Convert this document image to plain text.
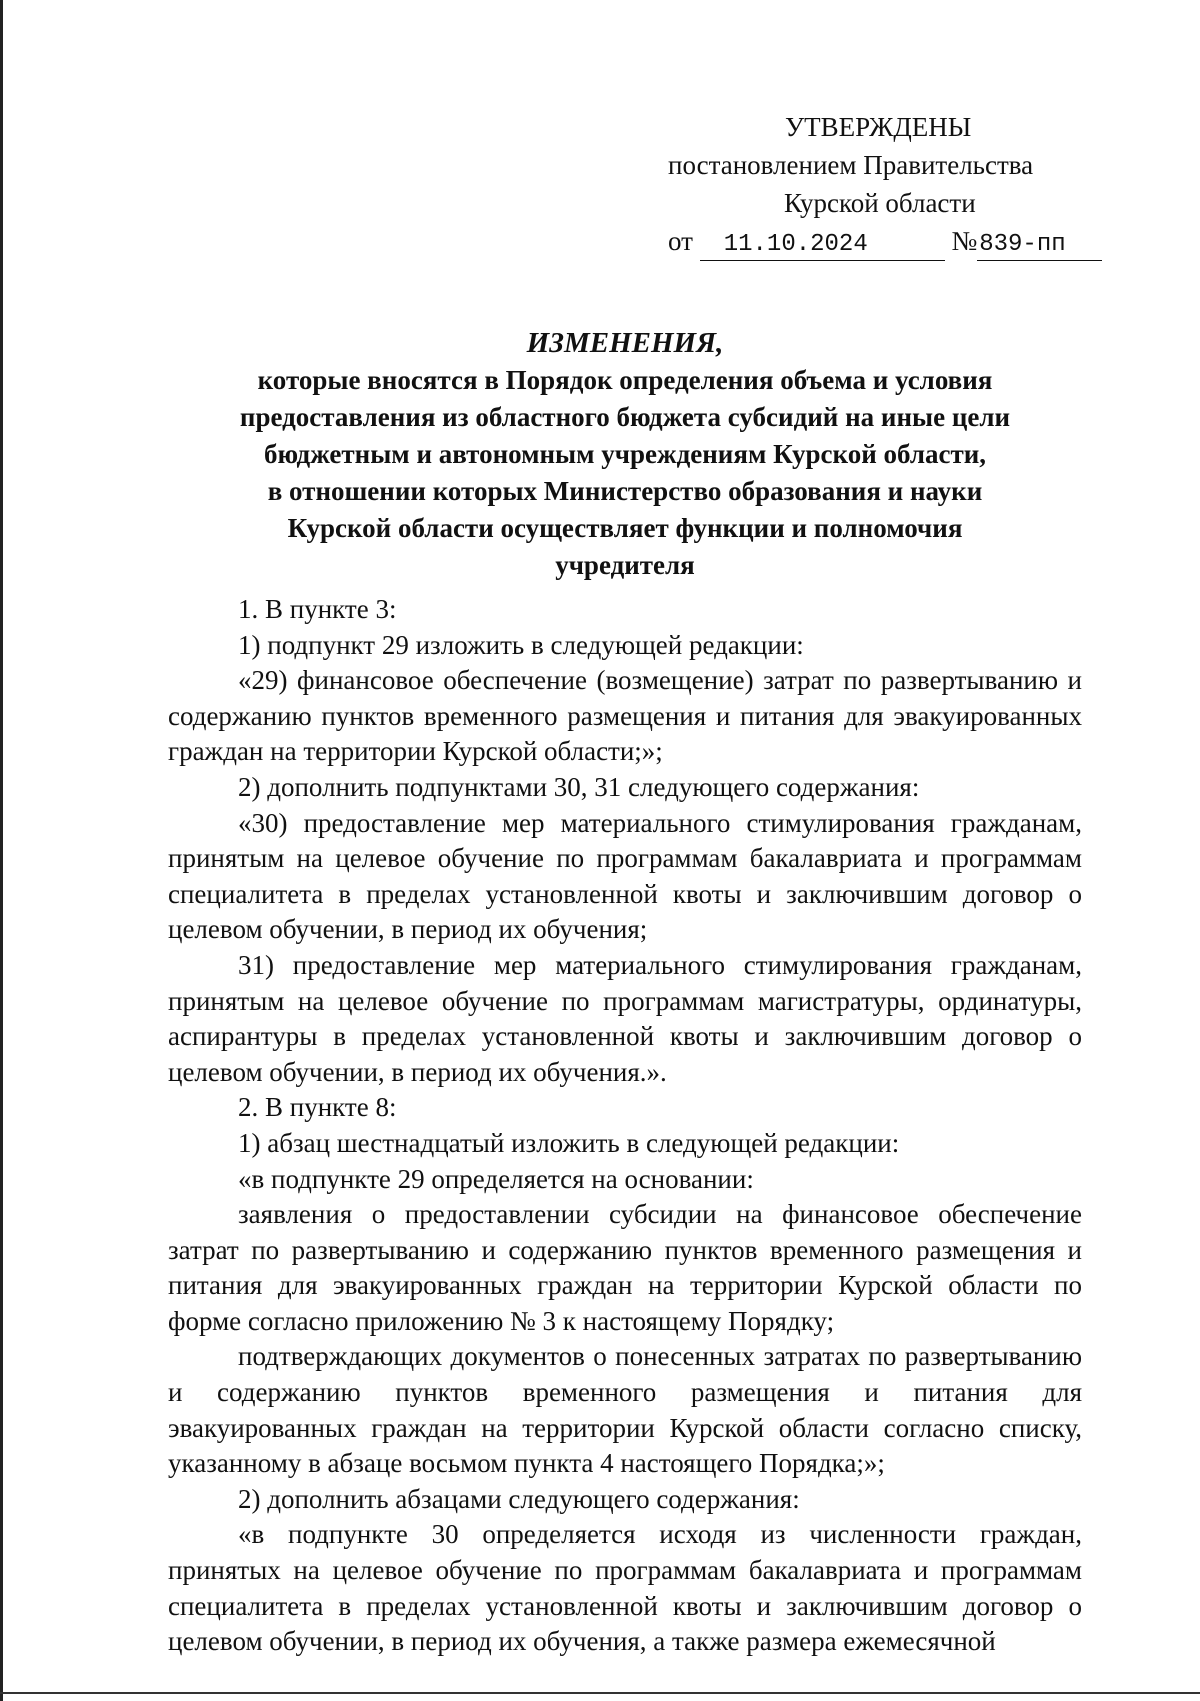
УТВЕРЖДЕНЫ
постановлением Правительства
Курской области
от 11.10.2024	№839-пп
ИЗМЕНЕНИЯ,
которые вносятся в Порядок определения объема и условия
предоставления из областного бюджета субсидий на иные цели
бюджетным и автономным учреждениям Курской области,
в отношении которых Министерство образования и науки
Курской области осуществляет функции и полномочия
учредителя

1. В пункте 3:

1) подпункт 29 изложить в следующей редакции:

«29) финансовое обеспечение (возмещение) затрат по развертыванию и содержанию пунктов временного размещения и питания для эвакуированных граждан на территории Курской области;»;

2) дополнить подпунктами 30, 31 следующего содержания:

«30) предоставление мер материального стимулирования гражданам, принятым на целевое обучение по программам бакалавриата и программам специалитета в пределах установленной квоты и заключившим договор о целевом обучении, в период их обучения;

31) предоставление мер материального стимулирования гражданам, принятым на целевое обучение по программам магистратуры, ординатуры, аспирантуры в пределах установленной квоты и заключившим договор о целевом обучении, в период их обучения.».

2. В пункте 8:

1) абзац шестнадцатый изложить в следующей редакции:

«в подпункте 29 определяется на основании:

заявления о предоставлении субсидии на финансовое обеспечение затрат по развертыванию и содержанию пунктов временного размещения и питания для эвакуированных граждан на территории Курской области по форме согласно приложению № 3 к настоящему Порядку;

подтверждающих документов о понесенных затратах по развертыванию и содержанию пунктов временного размещения и питания для эвакуированных граждан на территории Курской области согласно списку, указанному в абзаце восьмом пункта 4 настоящего Порядка;»;

2) дополнить абзацами следующего содержания:

«в подпункте 30 определяется исходя из численности граждан, принятых на целевое обучение по программам бакалавриата и программам специалитета в пределах установленной квоты и заключившим договор о целевом обучении, в период их обучения, а также размера ежемесячной
